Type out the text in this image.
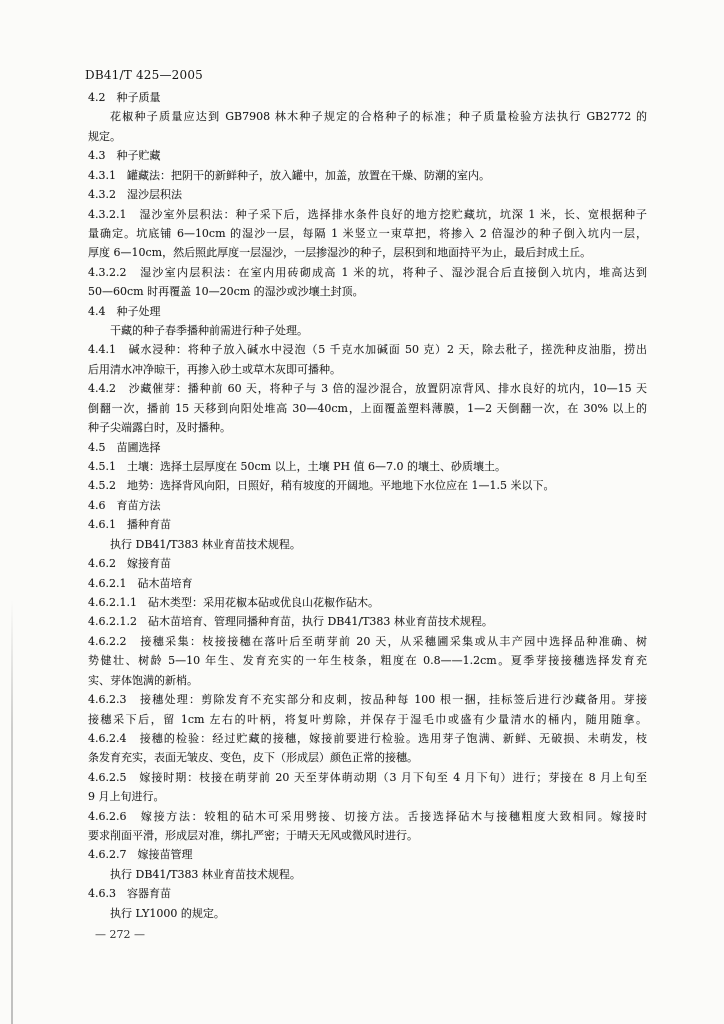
DB41/T 425—2005
4.2　种子质量
花椒种子质量应达到 GB7908 林木种子规定的合格种子的标准；种子质量检验方法执行 GB2772 的
规定。
4.3　种子贮藏
4.3.1　罐藏法：把阴干的新鲜种子，放入罐中，加盖，放置在干燥、防潮的室内。
4.3.2　湿沙层积法
4.3.2.1　湿沙室外层积法：种子采下后，选择排水条件良好的地方挖贮藏坑，坑深 1 米，长、宽根据种子
量确定。坑底铺 6—10cm 的湿沙一层，每隔 1 米竖立一束草把，将掺入 2 倍湿沙的种子倒入坑内一层，
厚度 6—10cm，然后照此厚度一层湿沙，一层掺湿沙的种子，层积到和地面持平为止，最后封成土丘。
4.3.2.2　湿沙室内层积法：在室内用砖砌成高 1 米的坑，将种子、湿沙混合后直接倒入坑内，堆高达到
50—60cm 时再覆盖 10—20cm 的湿沙或沙壤土封顶。
4.4　种子处理
干藏的种子春季播种前需进行种子处理。
4.4.1　碱水浸种：将种子放入碱水中浸泡（5 千克水加碱面 50 克）2 天，除去秕子，搓洗种皮油脂，捞出
后用清水冲净晾干，再掺入砂土或草木灰即可播种。
4.4.2　沙藏催芽：播种前 60 天，将种子与 3 倍的湿沙混合，放置阴凉背风、排水良好的坑内，10—15 天
倒翻一次，播前 15 天移到向阳处堆高 30—40cm，上面覆盖塑料薄膜，1—2 天倒翻一次，在 30% 以上的
种子尖端露白时，及时播种。
4.5　苗圃选择
4.5.1　土壤：选择土层厚度在 50cm 以上，土壤 PH 值 6—7.0 的壤土、砂质壤土。
4.5.2　地势：选择背风向阳，日照好，稍有坡度的开阔地。平地地下水位应在 1—1.5 米以下。
4.6　育苗方法
4.6.1　播种育苗
执行 DB41/T383 林业育苗技术规程。
4.6.2　嫁接育苗
4.6.2.1　砧木苗培育
4.6.2.1.1　砧木类型：采用花椒本砧或优良山花椒作砧木。
4.6.2.1.2　砧木苗培育、管理同播种育苗，执行 DB41/T383 林业育苗技术规程。
4.6.2.2　接穗采集：枝接接穗在落叶后至萌芽前 20 天，从采穗圃采集或从丰产园中选择品种准确、树
势健壮、树龄 5—10 年生、发育充实的一年生枝条，粗度在 0.8——1.2cm。夏季芽接接穗选择发育充
实、芽体饱满的新梢。
4.6.2.3　接穗处理：剪除发育不充实部分和皮刺，按品种每 100 根一捆，挂标签后进行沙藏备用。芽接
接穗采下后，留 1cm 左右的叶柄，将复叶剪除，并保存于湿毛巾或盛有少量清水的桶内，随用随拿。
4.6.2.4　接穗的检验：经过贮藏的接穗，嫁接前要进行检验。选用芽子饱满、新鲜、无破损、未萌发，枝
条发育充实，表面无皱皮、变色，皮下（形成层）颜色正常的接穗。
4.6.2.5　嫁接时期：枝接在萌芽前 20 天至芽体萌动期（3 月下旬至 4 月下旬）进行；芽接在 8 月上旬至
9 月上旬进行。
4.6.2.6　嫁接方法：较粗的砧木可采用劈接、切接方法。舌接选择砧木与接穗粗度大致相同。嫁接时
要求削面平滑，形成层对准，绑扎严密；于晴天无风或微风时进行。
4.6.2.7　嫁接苗管理
执行 DB41/T383 林业育苗技术规程。
4.6.3　容器育苗
执行 LY1000 的规定。
— 272 —
